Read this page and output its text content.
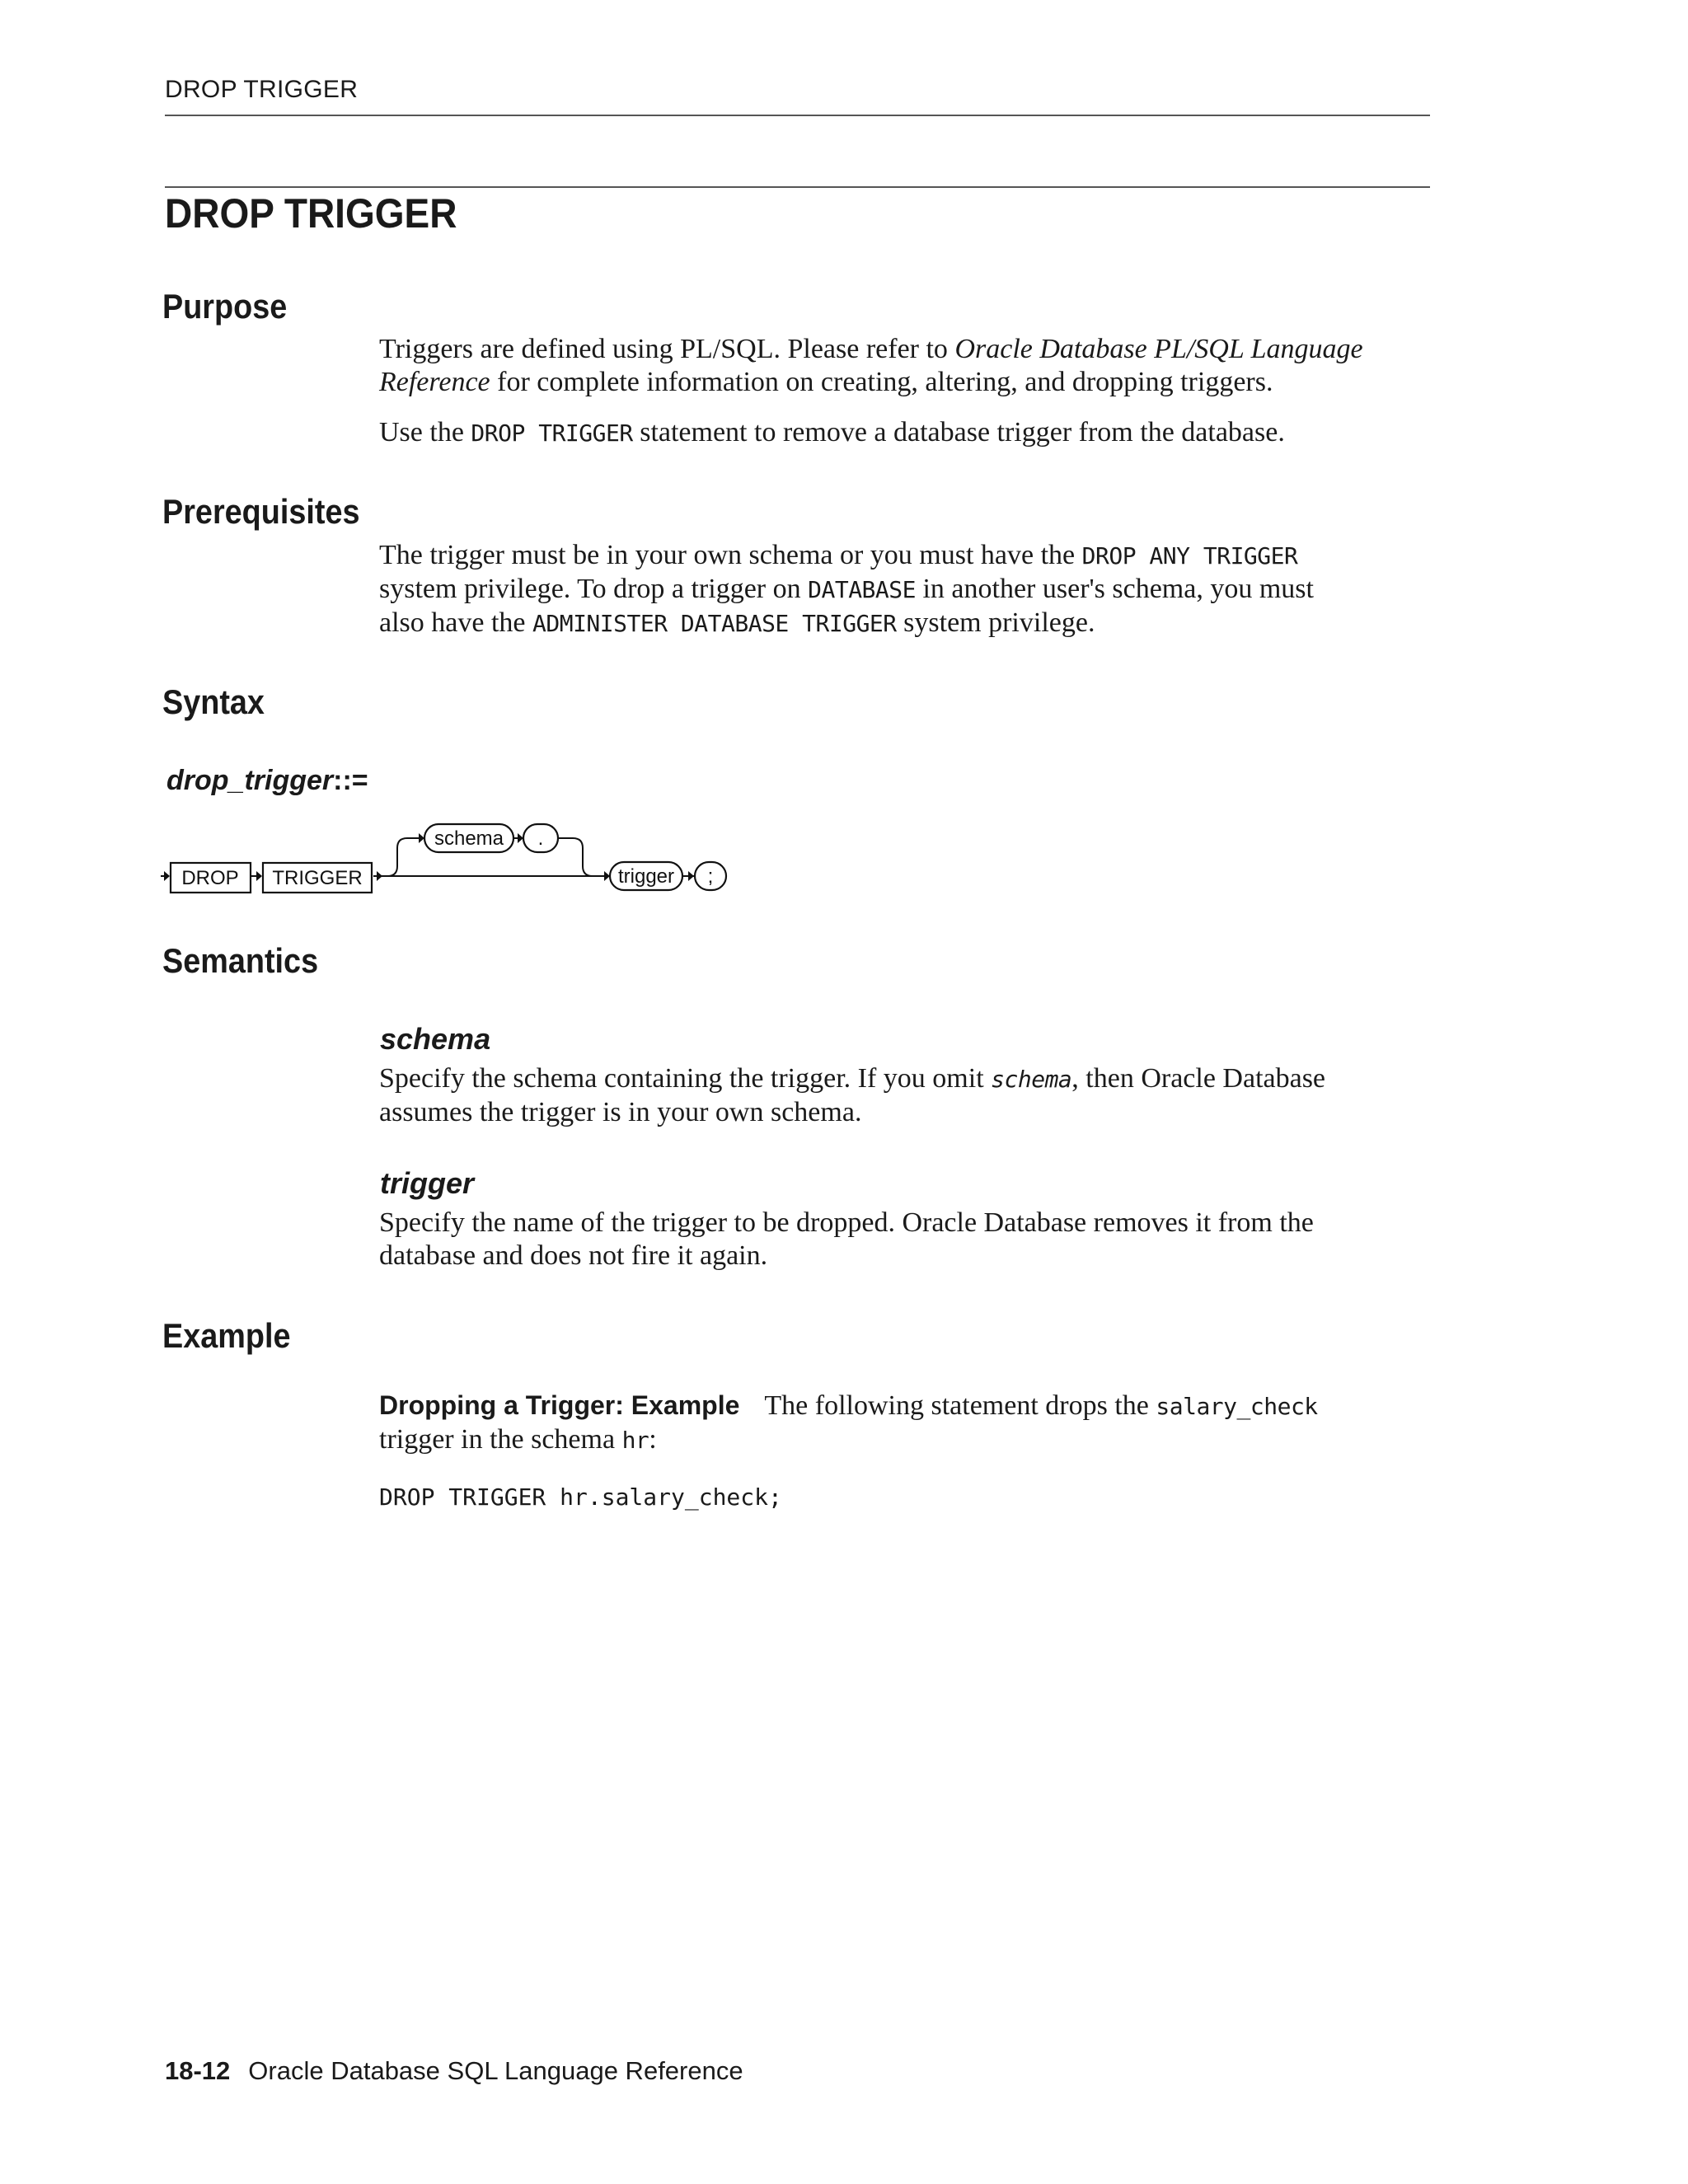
DROP TRIGGER
DROP TRIGGER
Purpose
Triggers are defined using PL/SQL. Please refer to Oracle Database PL/SQL Language
Reference for complete information on creating, altering, and dropping triggers.
Use the DROP TRIGGER statement to remove a database trigger from the database.
Prerequisites
The trigger must be in your own schema or you must have the DROP ANY TRIGGER
system privilege. To drop a trigger on DATABASE in another user's schema, you must
also have the ADMINISTER DATABASE TRIGGER system privilege.
Syntax
drop_trigger::=
DROP TRIGGER
schema .
trigger ;
Semantics
schema
Specify the schema containing the trigger. If you omit schema, then Oracle Database
assumes the trigger is in your own schema.
trigger
Specify the name of the trigger to be dropped. Oracle Database removes it from the
database and does not fire it again.
Example
Dropping a Trigger: Example The following statement drops the salary_check
trigger in the schema hr:
DROP TRIGGER hr.salary_check;
18-12 Oracle Database SQL Language Reference
